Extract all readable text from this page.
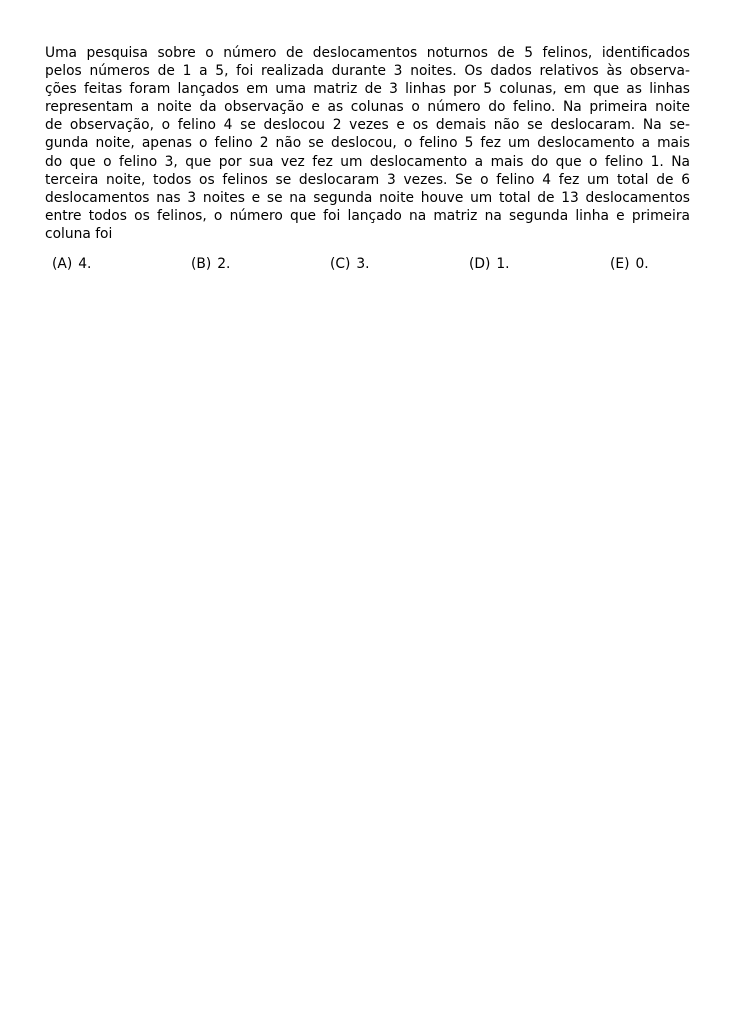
Uma pesquisa sobre o número de deslocamentos noturnos de 5 felinos, identificados
pelos números de 1 a 5, foi realizada durante 3 noites. Os dados relativos às observa-
ções feitas foram lançados em uma matriz de 3 linhas por 5 colunas, em que as linhas
representam a noite da observação e as colunas o número do felino. Na primeira noite
de observação, o felino 4 se deslocou 2 vezes e os demais não se deslocaram. Na se-
gunda noite, apenas o felino 2 não se deslocou, o felino 5 fez um deslocamento a mais
do que o felino 3, que por sua vez fez um deslocamento a mais do que o felino 1. Na
terceira noite, todos os felinos se deslocaram 3 vezes. Se o felino 4 fez um total de 6
deslocamentos nas 3 noites e se na segunda noite houve um total de 13 deslocamentos
entre todos os felinos, o número que foi lançado na matriz na segunda linha e primeira
coluna foi

(A) 4.	(B) 2.	(C) 3.	(D) 1.	(E) 0.
